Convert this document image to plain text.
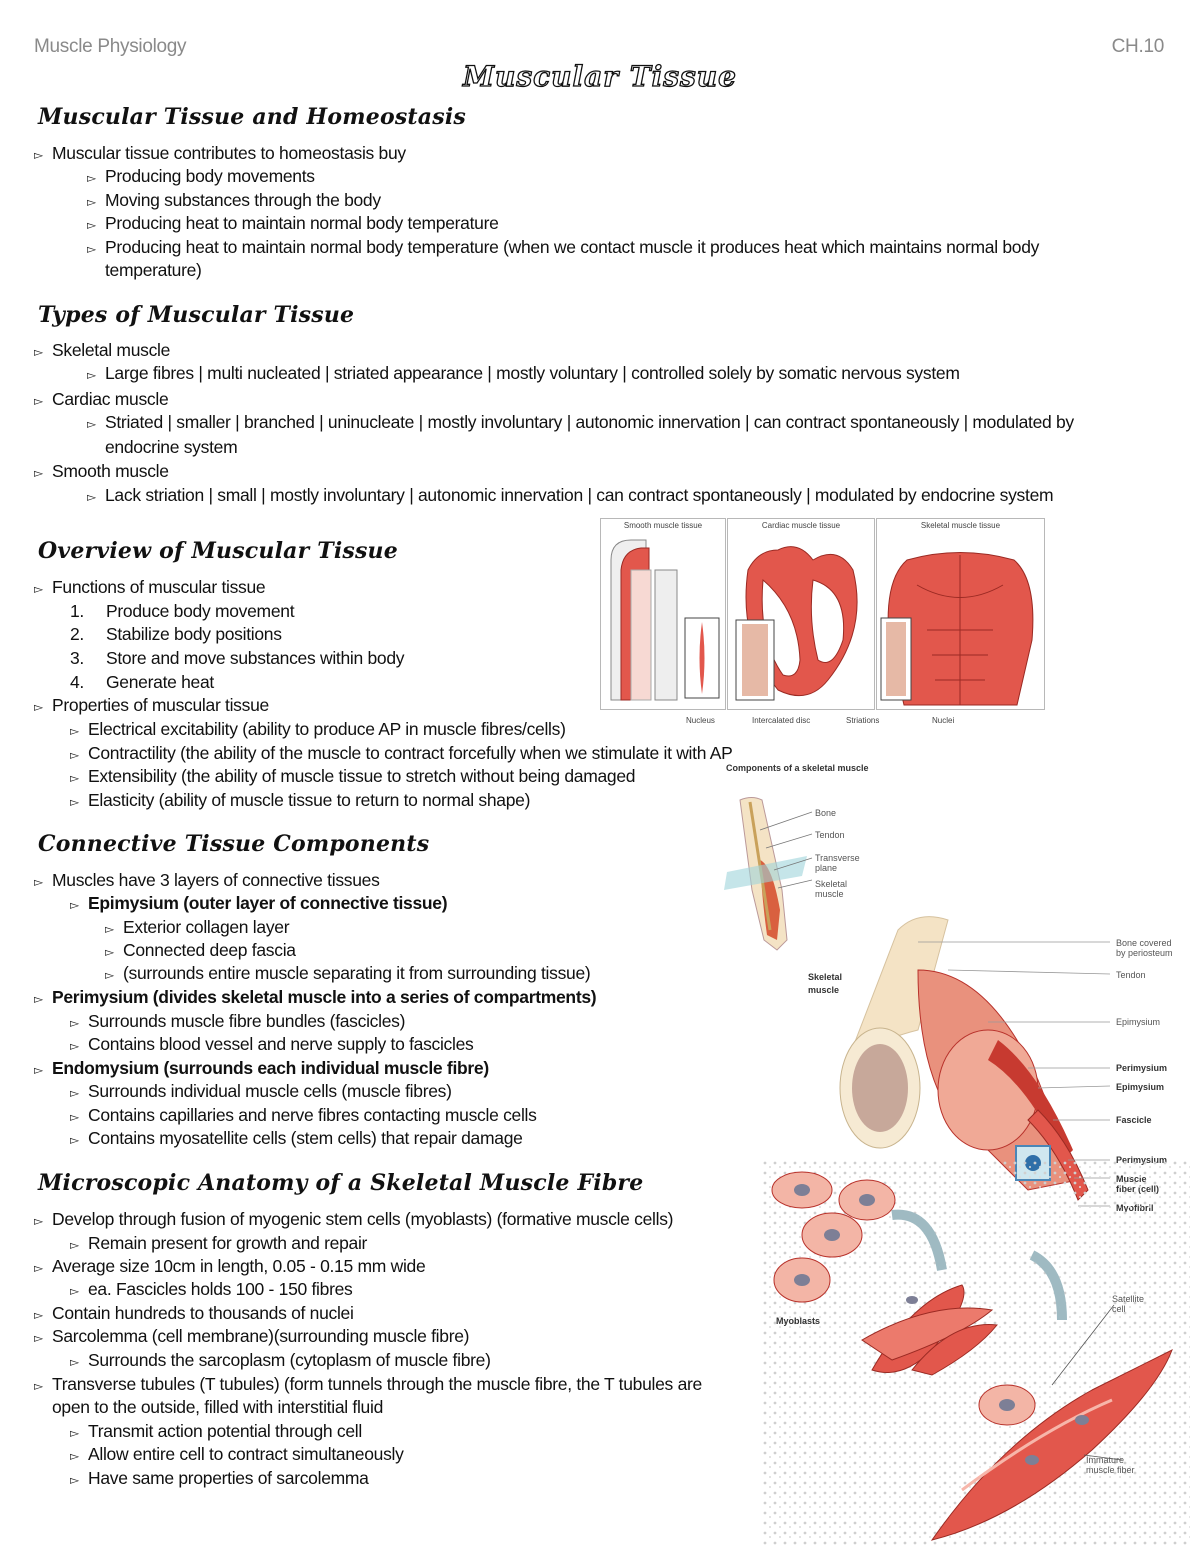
Muscle Physiology	CH.10
Muscular Tissue
Muscular Tissue and Homeostasis
▻ Muscular tissue contributes to homeostasis buy
▻ Producing body movements
▻ Moving substances through the body
▻ Producing heat to maintain normal body temperature
▻ Producing heat to maintain normal body temperature (when we contact muscle it produces heat which maintains normal body
temperature)
Types of Muscular Tissue
▻ Skeletal muscle
▻ Large fibres | multi nucleated | striated appearance | mostly voluntary | controlled solely by somatic nervous system
▻ Cardiac muscle
▻ Striated | smaller | branched | uninucleate | mostly involuntary | autonomic innervation | can contract spontaneously | modulated by
endocrine system
▻ Smooth muscle
▻ Lack striation | small | mostly involuntary | autonomic innervation | can contract spontaneously | modulated by endocrine system
Overview of Muscular Tissue
▻ Functions of muscular tissue
1. Produce body movement
2. Stabilize body positions
3. Store and move substances within body
4. Generate heat
▻ Properties of muscular tissue
▻ Electrical excitability (ability to produce AP in muscle fibres/cells)
▻ Contractility (the ability of the muscle to contract forcefully when we stimulate it with AP
▻ Extensibility (the ability of muscle tissue to stretch without being damaged
▻ Elasticity (ability of muscle tissue to return to normal shape)
Connective Tissue Components
▻ Muscles have 3 layers of connective tissues
▻ Epimysium (outer layer of connective tissue)
▻ Exterior collagen layer
▻ Connected deep fascia
▻ (surrounds entire muscle separating it from surrounding tissue)
▻ Perimysium (divides skeletal muscle into a series of compartments)
▻ Surrounds muscle fibre bundles (fascicles)
▻ Contains blood vessel and nerve supply to fascicles
▻ Endomysium (surrounds each individual muscle fibre)
▻ Surrounds individual muscle cells (muscle fibres)
▻ Contains capillaries and nerve fibres contacting muscle cells
▻ Contains myosatellite cells (stem cells) that repair damage
Microscopic Anatomy of a Skeletal Muscle Fibre
▻ Develop through fusion of myogenic stem cells (myoblasts) (formative muscle cells)
▻ Remain present for growth and repair
▻ Average size 10cm in length, 0.05 - 0.15 mm wide
▻ ea. Fascicles holds 100 - 150 fibres
▻ Contain hundreds to thousands of nuclei
▻ Sarcolemma (cell membrane)(surrounding muscle fibre)
▻ Surrounds the sarcoplasm (cytoplasm of muscle fibre)
▻ Transverse tubules (T tubules) (form tunnels through the muscle fibre, the T tubules are
open to the outside, filled with interstitial fluid
▻ Transmit action potential through cell
▻ Allow entire cell to contract simultaneously
▻ Have same properties of sarcolemma
Smooth muscle tissue	Cardiac muscle tissue	Skeletal muscle tissue
Nucleus	Intercalated disc	Striations	Nuclei
Components of a skeletal muscle
Bone
Tendon
Transverse
plane
Skeletal
muscle
Skeletal
muscle
Bone covered
by periosteum
Tendon
Epimysium
Perimysium
Epimysium
Fascicle
Myoblasts
Satellite
cell
Immature
muscle fiber
